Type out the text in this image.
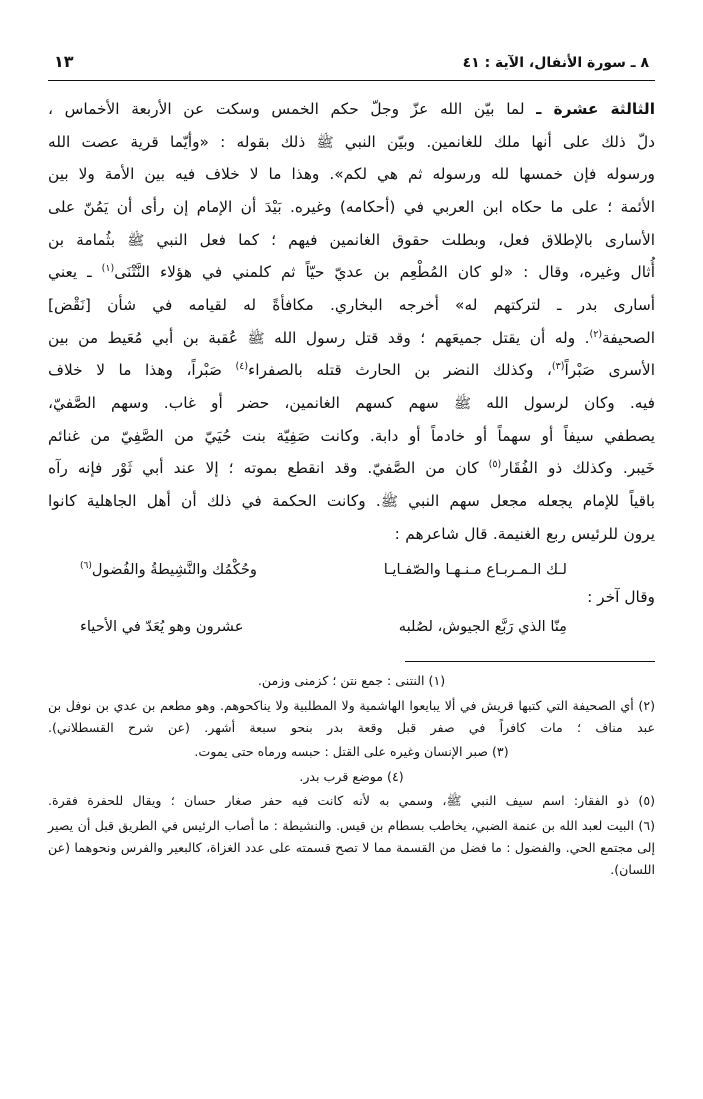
١٣	٨ ـ سورة الأنفال، الآية : ٤١

الثالثة عشرة ـ لما بيّن الله عزّ وجلّ حكم الخمس وسكت عن الأربعة الأخماس ،

دلّ ذلك على أنها ملك للغانمين. وبيّن النبي ﷺ ذلك بقوله : «وأيّما قرية عصت الله

ورسوله فإن خمسها لله ورسوله ثم هي لكم». وهذا ما لا خلاف فيه بين الأمة ولا بين

الأئمة ؛ على ما حكاه ابن العربي في (أحكامه) وغيره. بَيْدَ أن الإمام إن رأى أن يَمُنّ على

الأسارى بالإطلاق فعل، وبطلت حقوق الغانمين فيهم ؛ كما فعل النبي ﷺ بثُمامة بن

أُثال وغيره، وقال : «لو كان المُطْعِم بن عديّ حيّاً ثم كلمني في هؤلاء النَّتْنَى$^{(١)}$ ـ يعني

أسارى بدر ـ لتركتهم له» أخرجه البخاري. مكافأةً له لقيامه في شأن [نَقْض]

الصحيفة$^{(٢)}$. وله أن يقتل جميعَهم ؛ وقد قتل رسول الله ﷺ عُقبة بن أبي مُعَيط من بين

الأسرى صَبْراً$^{(٣)}$، وكذلك النضر بن الحارث قتله بالصفراء$^{(٤)}$ صَبْراً، وهذا ما لا خلاف

فيه. وكان لرسول الله ﷺ سهم كسهم الغانمين، حضر أو غاب. وسهم الصَّفيّ،

يصطفي سيفاً أو سهماً أو خادماً أو دابة. وكانت صَفِيّة بنت حُيَيّ من الصَّفِيّ من غنائم

خَيبر. وكذلك ذو الفُقَار$^{(٥)}$ كان من الصَّفيّ. وقد انقطع بموته ؛ إلا عند أبي ثَوْر فإنه رآه

باقياً للإمام يجعله مجعل سهم النبي ﷺ. وكانت الحكمة في ذلك أن أهل الجاهلية كانوا

يرون للرئيس ربع الغنيمة. قال شاعرهم :

لـك الـمـربـاع مـنـهـا والصّفـايـا
وحُكْمُك والنَّشِيطةُ والفُضول$^{(٦)}$
وقال آخر :
مِنّا الذي رَبَّع الجيوش، لصُلبه
عشرون وهو يُعَدّ في الأحياء

(١) النتنى : جمع نتن ؛ كزمنى وزمن.

(٢) أي الصحيفة التي كتبها قريش في ألا يبايعوا الهاشمية ولا المطلبية ولا يناكحوهم. وهو مطعم بن عدي بن نوفل بن عبد مناف ؛ مات كافراً في صفر قبل وقعة بدر بنحو سبعة أشهر. (عن شرح القسطلاني).

(٣) صبر الإنسان وغيره على القتل : حبسه ورماه حتى يموت.

(٤) موضع قرب بدر.

(٥) ذو الفقار: اسم سيف النبي ﷺ، وسمي به لأنه كانت فيه حفر صغار حسان ؛ ويقال للحفرة فقرة.

(٦) البيت لعبد الله بن عنمة الضبي، يخاطب بسطام بن قيس. والنشيطة : ما أصاب الرئيس في الطريق قبل أن يصير إلى مجتمع الحي. والفضول : ما فضل من القسمة مما لا تصح قسمته على عدد الغزاة، كالبعير والفرس ونحوهما (عن اللسان).
